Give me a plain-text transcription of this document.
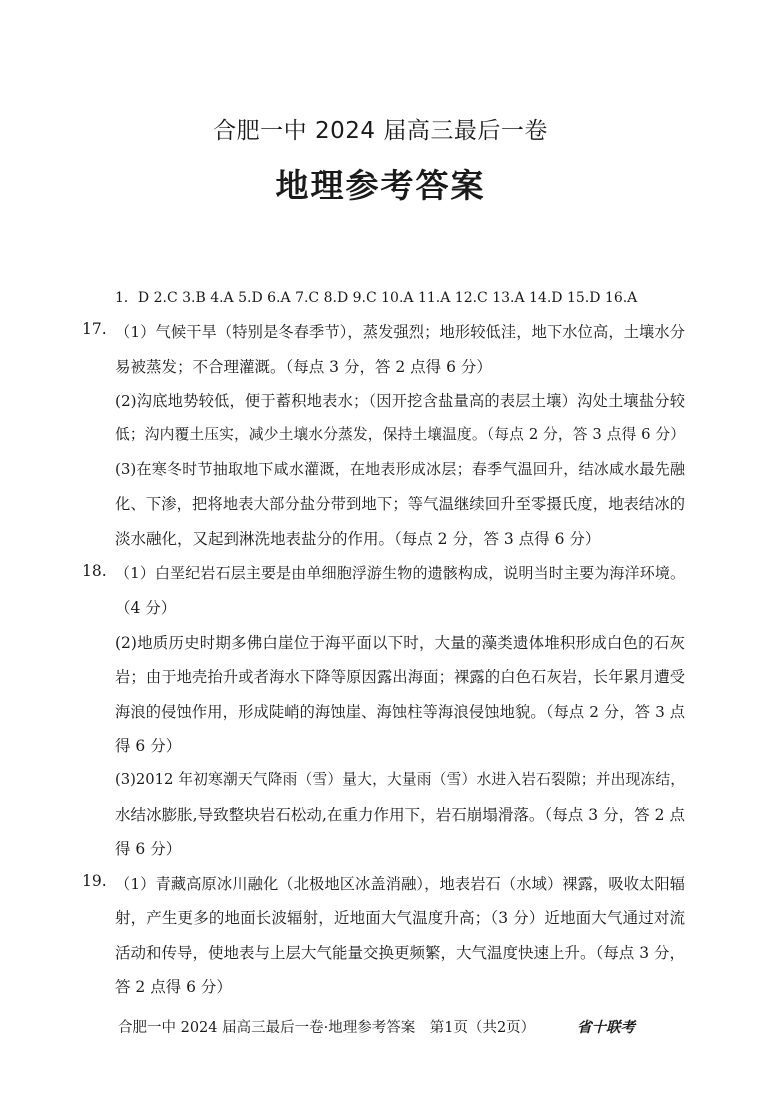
合肥一中 2024 届高三最后一卷
地理参考答案
1．D 2.C 3.B 4.A 5.D 6.A 7.C 8.D 9.C 10.A 11.A 12.C 13.A 14.D 15.D 16.A
17. （1）气候干旱（特别是冬春季节），蒸发强烈；地形较低洼，地下水位高，土壤水分
易被蒸发；不合理灌溉。（每点 3 分，答 2 点得 6 分）
(2)沟底地势较低，便于蓄积地表水；（因开挖含盐量高的表层土壤）沟处土壤盐分较
低；沟内覆土压实，减少土壤水分蒸发，保持土壤温度。（每点 2 分，答 3 点得 6 分）
(3)在寒冬时节抽取地下咸水灌溉，在地表形成冰层；春季气温回升，结冰咸水最先融
化、下渗，把将地表大部分盐分带到地下；等气温继续回升至零摄氏度，地表结冰的
淡水融化，又起到淋洗地表盐分的作用。（每点 2 分，答 3 点得 6 分）
18. （1）白垩纪岩石层主要是由单细胞浮游生物的遗骸构成，说明当时主要为海洋环境。
（4 分）
(2)地质历史时期多佛白崖位于海平面以下时，大量的藻类遗体堆积形成白色的石灰
岩；由于地壳抬升或者海水下降等原因露出海面；裸露的白色石灰岩，长年累月遭受
海浪的侵蚀作用，形成陡峭的海蚀崖、海蚀柱等海浪侵蚀地貌。（每点 2 分，答 3 点
得 6 分）
(3)2012 年初寒潮天气降雨（雪）量大，大量雨（雪）水进入岩石裂隙；并出现冻结，
水结冰膨胀,导致整块岩石松动,在重力作用下，岩石崩塌滑落。（每点 3 分，答 2 点
得 6 分）
19. （1）青藏高原冰川融化（北极地区冰盖消融），地表岩石（水域）裸露，吸收太阳辐
射，产生更多的地面长波辐射，近地面大气温度升高；（3 分）近地面大气通过对流
活动和传导，使地表与上层大气能量交换更频繁，大气温度快速上升。（每点 3 分，
答 2 点得 6 分）
合肥一中 2024 届高三最后一卷·地理参考答案　第1页（共2页）	省十联考
